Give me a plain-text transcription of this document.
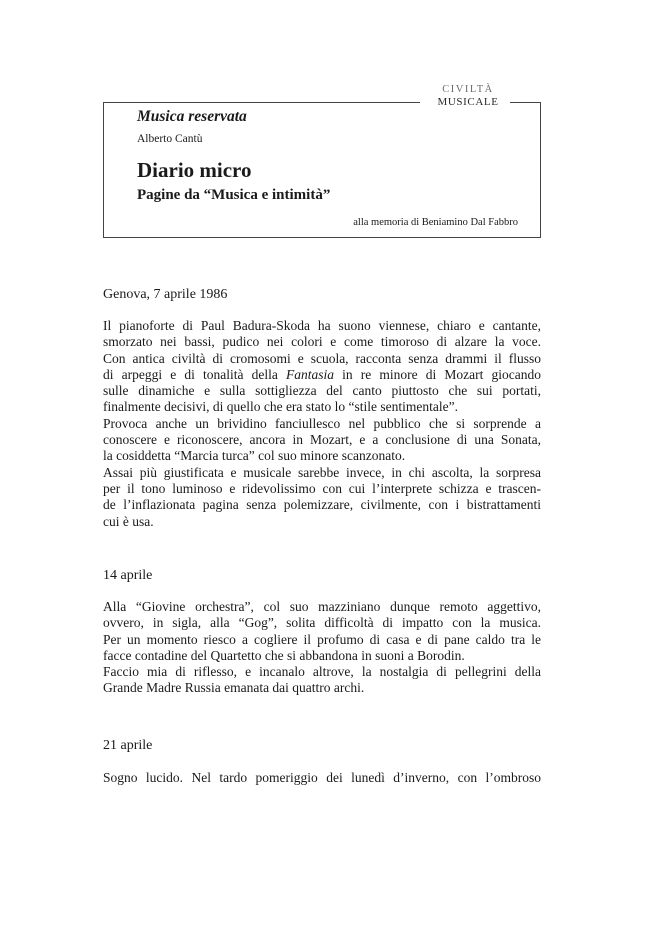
CIVILTÀ
MUSICALE
Musica reservata
Alberto Cantù
Diario micro
Pagine da “Musica e intimità”
alla memoria di Beniamino Dal Fabbro
Genova, 7 aprile 1986
Il pianoforte di Paul Badura-Skoda ha suono viennese, chiaro e cantante,
smorzato nei bassi, pudico nei colori e come timoroso di alzare la voce.
Con antica civiltà di cromosomi e scuola, racconta senza drammi il flusso
di arpeggi e di tonalità della Fantasia in re minore di Mozart giocando
sulle dinamiche e sulla sottigliezza del canto piuttosto che sui portati,
finalmente decisivi, di quello che era stato lo “stile sentimentale”.
Provoca anche un brividino fanciullesco nel pubblico che si sorprende a
conoscere e riconoscere, ancora in Mozart, e a conclusione di una Sonata,
la cosiddetta “Marcia turca” col suo minore scanzonato.
Assai più giustificata e musicale sarebbe invece, in chi ascolta, la sorpresa
per il tono luminoso e ridevolissimo con cui l’interprete schizza e trascen-
de l’inflazionata pagina senza polemizzare, civilmente, con i bistrattamenti
cui è usa.
14 aprile
Alla “Giovine orchestra”, col suo mazziniano dunque remoto aggettivo,
ovvero, in sigla, alla “Gog”, solita difficoltà di impatto con la musica.
Per un momento riesco a cogliere il profumo di casa e di pane caldo tra le
facce contadine del Quartetto che si abbandona in suoni a Borodin.
Faccio mia di riflesso, e incanalo altrove, la nostalgia di pellegrini della
Grande Madre Russia emanata dai quattro archi.
21 aprile
Sogno lucido. Nel tardo pomeriggio dei lunedì d’inverno, con l’ombroso
